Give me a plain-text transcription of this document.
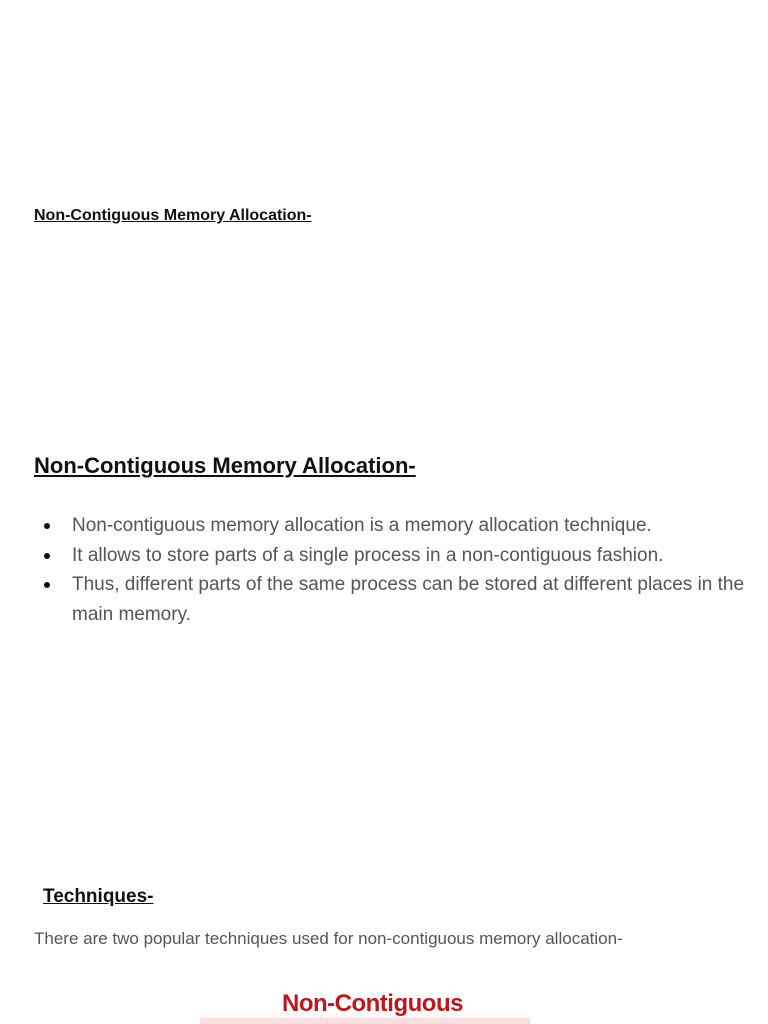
Non-Contiguous Memory Allocation-
Non-Contiguous Memory Allocation-
Non-contiguous memory allocation is a memory allocation technique.
It allows to store parts of a single process in a non-contiguous fashion.
Thus, different parts of the same process can be stored at different places in the main memory.
Techniques-

There are two popular techniques used for non-contiguous memory allocation-

Non-Contiguous
